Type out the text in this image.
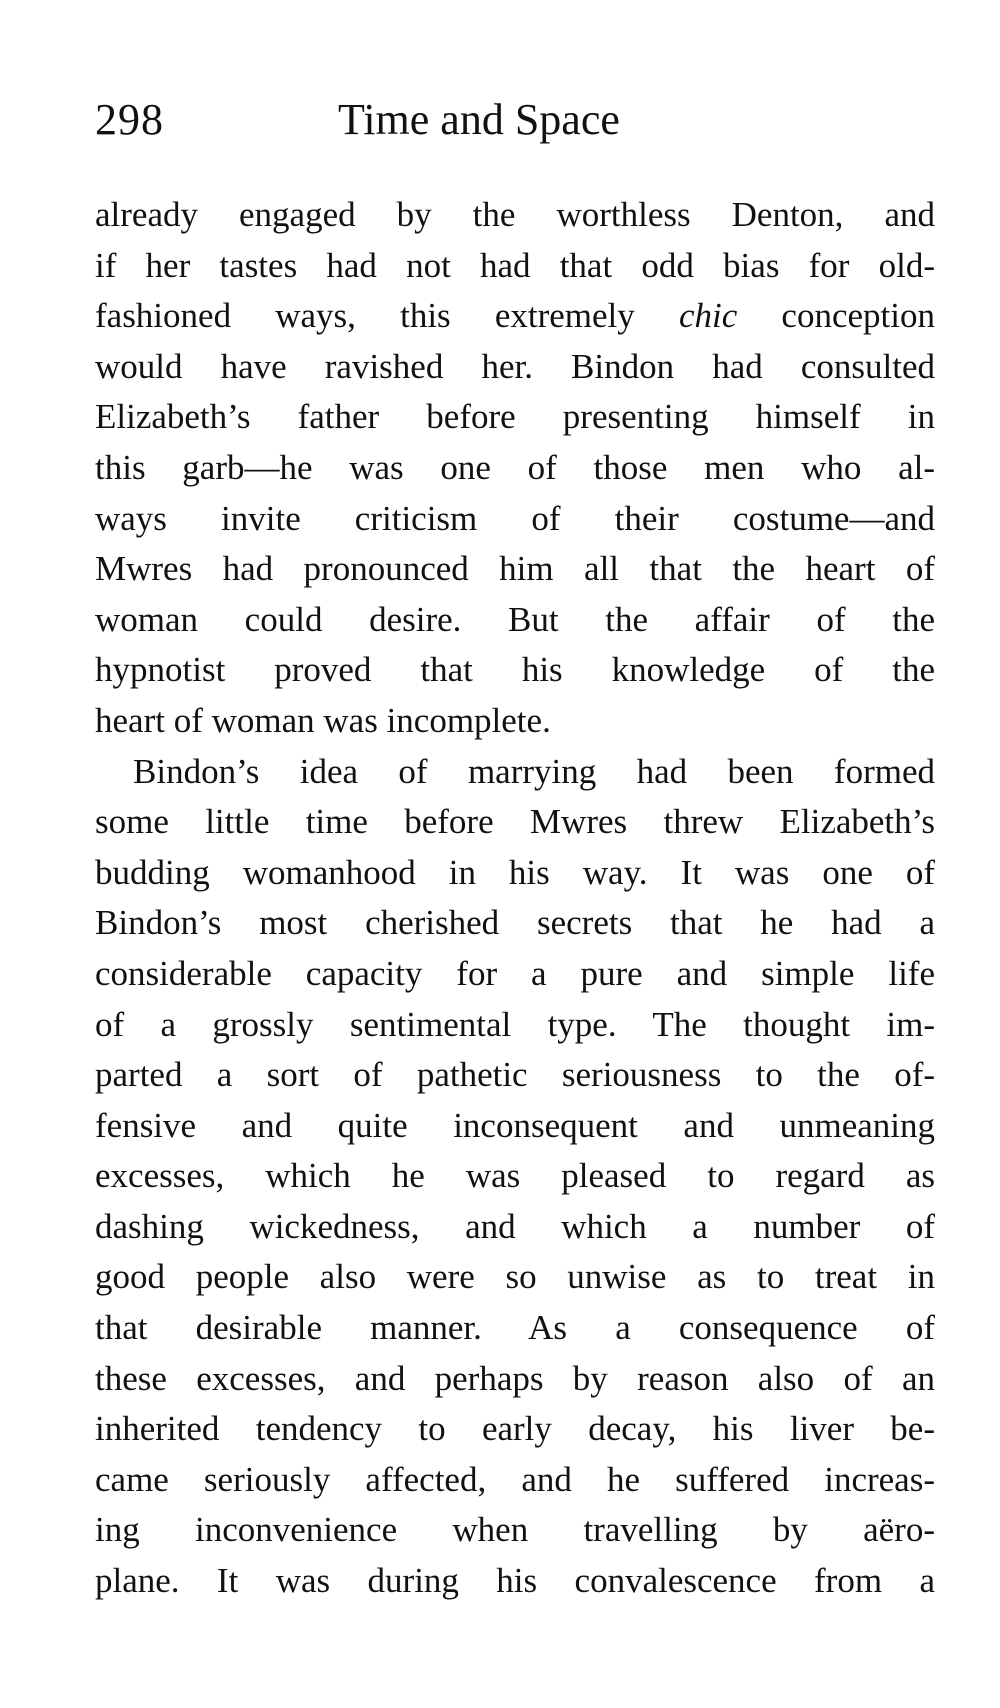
298	Time and Space
already engaged by the worthless Denton, and
if her tastes had not had that odd bias for old-
fashioned ways, this extremely chic conception
would have ravished her. Bindon had consulted
Elizabeth’s father before presenting himself in
this garb—he was one of those men who al-
ways invite criticism of their costume—and
Mwres had pronounced him all that the heart of
woman could desire. But the affair of the
hypnotist proved that his knowledge of the
heart of woman was incomplete.
Bindon’s idea of marrying had been formed
some little time before Mwres threw Elizabeth’s
budding womanhood in his way. It was one of
Bindon’s most cherished secrets that he had a
considerable capacity for a pure and simple life
of a grossly sentimental type. The thought im-
parted a sort of pathetic seriousness to the of-
fensive and quite inconsequent and unmeaning
excesses, which he was pleased to regard as
dashing wickedness, and which a number of
good people also were so unwise as to treat in
that desirable manner. As a consequence of
these excesses, and perhaps by reason also of an
inherited tendency to early decay, his liver be-
came seriously affected, and he suffered increas-
ing inconvenience when travelling by aëro-
plane. It was during his convalescence from a
